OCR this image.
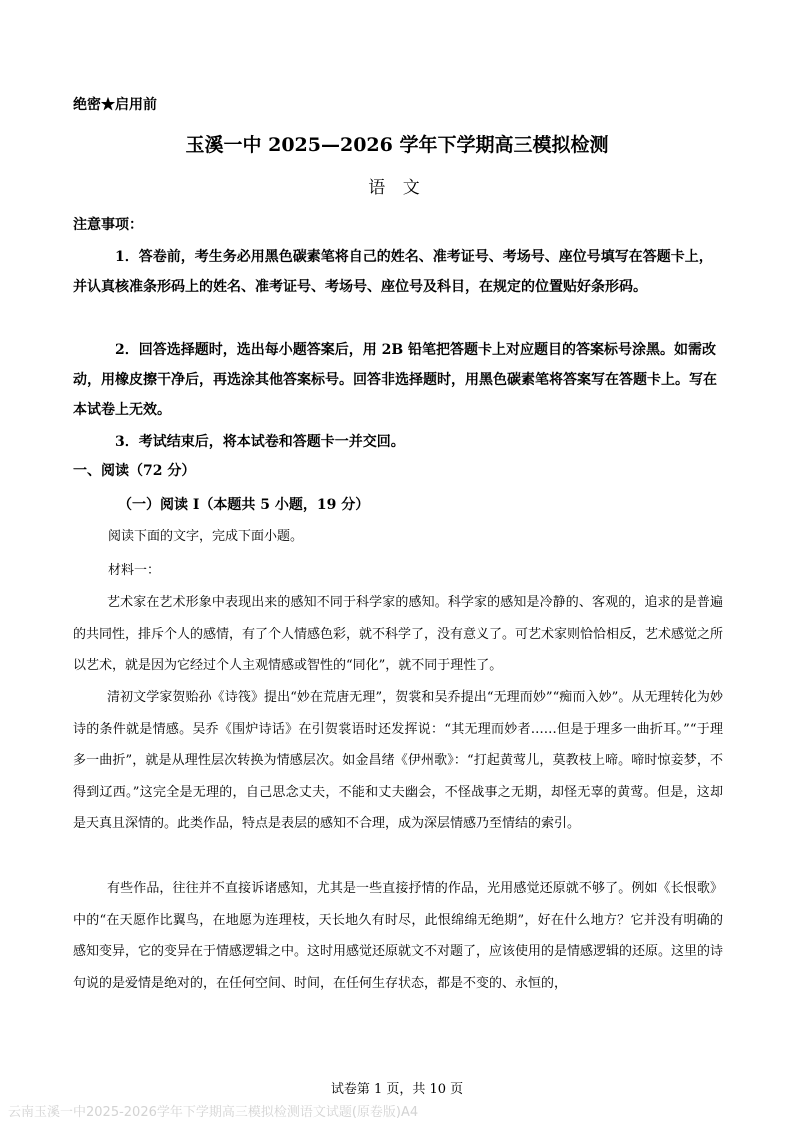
绝密★启用前
玉溪一中 2025—2026 学年下学期高三模拟检测
语 文
注意事项：
1．答卷前，考生务必用黑色碳素笔将自己的姓名、准考证号、考场号、座位号填写在答题卡上，并认真核准条形码上的姓名、准考证号、考场号、座位号及科目，在规定的位置贴好条形码。
2．回答选择题时，选出每小题答案后，用 2B 铅笔把答题卡上对应题目的答案标号涂黑。如需改动，用橡皮擦干净后，再选涂其他答案标号。回答非选择题时，用黑色碳素笔将答案写在答题卡上。写在本试卷上无效。
3．考试结束后，将本试卷和答题卡一并交回。
一、阅读（72 分）
（一）阅读 I（本题共 5 小题，19 分）
阅读下面的文字，完成下面小题。
材料一：
艺术家在艺术形象中表现出来的感知不同于科学家的感知。科学家的感知是冷静的、客观的，追求的是普遍的共同性，排斥个人的感情，有了个人情感色彩，就不科学了，没有意义了。可艺术家则恰恰相反，艺术感觉之所以艺术，就是因为它经过个人主观情感或智性的“同化”，就不同于理性了。
清初文学家贺贻孙《诗筏》提出“妙在荒唐无理”，贺裳和吴乔提出“无理而妙”“痴而入妙”。从无理转化为妙诗的条件就是情感。吴乔《围炉诗话》在引贺裳语时还发挥说：“其无理而妙者……但是于理多一曲折耳。”“于理多一曲折”，就是从理性层次转换为情感层次。如金昌绪《伊州歌》：“打起黄莺儿，莫教枝上啼。啼时惊妾梦，不得到辽西。”这完全是无理的，自己思念丈夫，不能和丈夫幽会，不怪战事之无期，却怪无辜的黄莺。但是，这却是天真且深情的。此类作品，特点是表层的感知不合理，成为深层情感乃至情结的索引。
有些作品，往往并不直接诉诸感知，尤其是一些直接抒情的作品，光用感觉还原就不够了。例如《长恨歌》中的“在天愿作比翼鸟，在地愿为连理枝，天长地久有时尽，此恨绵绵无绝期”，好在什么地方？它并没有明确的感知变异，它的变异在于情感逻辑之中。这时用感觉还原就文不对题了，应该使用的是情感逻辑的还原。这里的诗句说的是爱情是绝对的，在任何空间、时间，在任何生存状态，都是不变的、永恒的，
试卷第 1 页，共 10 页
云南玉溪一中2025-2026学年下学期高三模拟检测语文试题(原卷版)A4
